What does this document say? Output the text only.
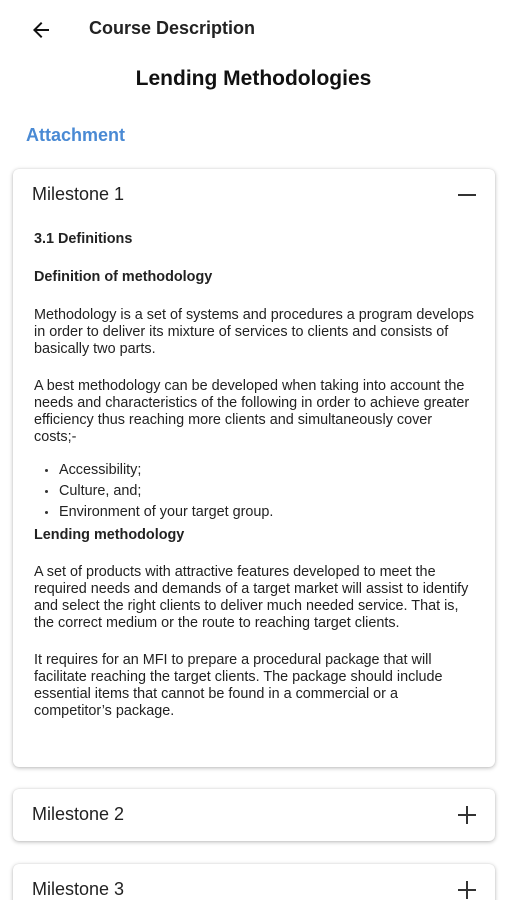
Course Description
Lending Methodologies
Attachment
Milestone 1

3.1 Definitions

Definition of methodology

Methodology is a set of systems and procedures a program develops in order to deliver its mixture of services to clients and consists of basically two parts.

A best methodology can be developed when taking into account the needs and characteristics of the following in order to achieve greater efficiency thus reaching more clients and simultaneously cover costs;-

Accessibility;
Culture, and;
Environment of your target group.

Lending methodology

A set of products with attractive features developed to meet the required needs and demands of a target market will assist to identify and select the right clients to deliver much needed service. That is, the correct medium or the route to reaching target clients.

It requires for an MFI to prepare a procedural package that will facilitate reaching the target clients. The package should include essential items that cannot be found in a commercial or a competitor’s package.

Milestone 2
Milestone 3
